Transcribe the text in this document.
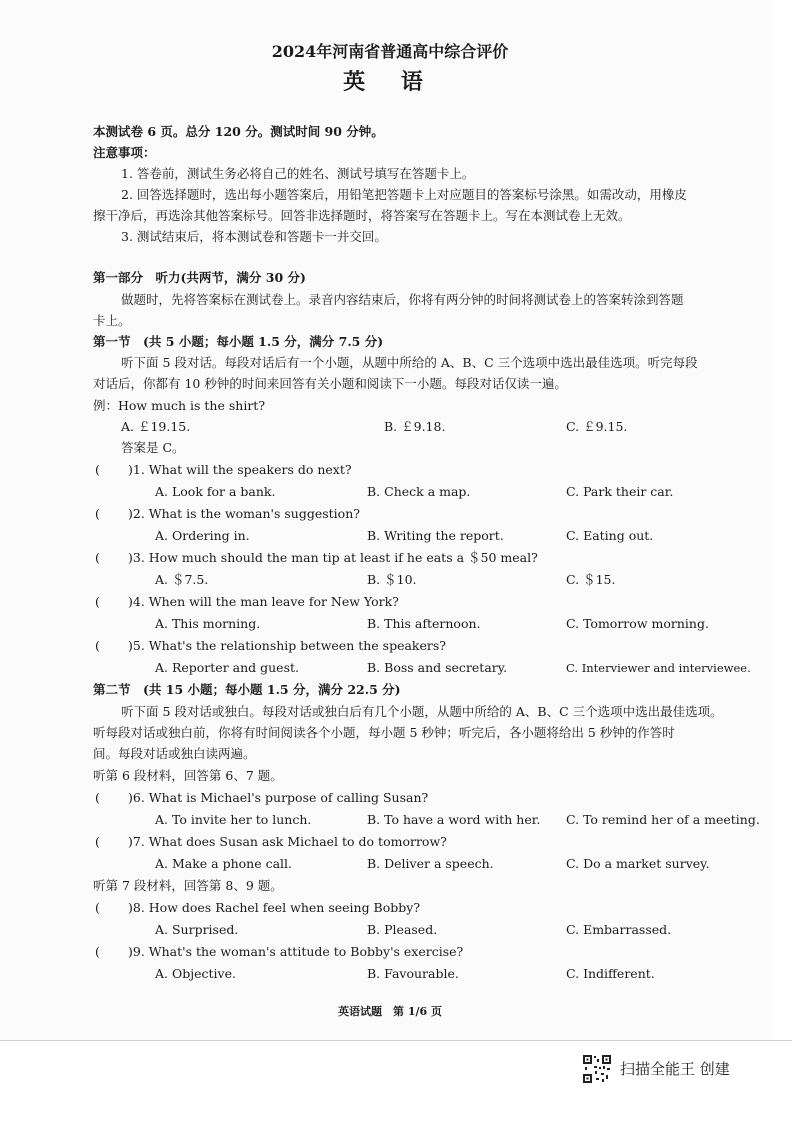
2024年河南省普通高中综合评价
英 语
本测试卷 6 页。总分 120 分。测试时间 90 分钟。
注意事项：
1. 答卷前，测试生务必将自己的姓名、测试号填写在答题卡上。
2. 回答选择题时，选出每小题答案后，用铅笔把答题卡上对应题目的答案标号涂黑。如需改动，用橡皮
擦干净后，再选涂其他答案标号。回答非选择题时，将答案写在答题卡上。写在本测试卷上无效。
3. 测试结束后，将本测试卷和答题卡一并交回。
第一部分　听力(共两节，满分 30 分)
做题时，先将答案标在测试卷上。录音内容结束后，你将有两分钟的时间将测试卷上的答案转涂到答题
卡上。
第一节　(共 5 小题；每小题 1.5 分，满分 7.5 分)
听下面 5 段对话。每段对话后有一个小题，从题中所给的 A、B、C 三个选项中选出最佳选项。听完每段
对话后，你都有 10 秒钟的时间来回答有关小题和阅读下一小题。每段对话仅读一遍。
例：How much is the shirt?
A. ￡19.15.	B. ￡9.18.	C. ￡9.15.
答案是 C。
( )1. What will the speakers do next?
A. Look for a bank.	B. Check a map.	C. Park their car.
( )2. What is the woman's suggestion?
A. Ordering in.	B. Writing the report.	C. Eating out.
( )3. How much should the man tip at least if he eats a ＄50 meal?
A. ＄7.5.	B. ＄10.	C. ＄15.
( )4. When will the man leave for New York?
A. This morning.	B. This afternoon.	C. Tomorrow morning.
( )5. What's the relationship between the speakers?
A. Reporter and guest.	B. Boss and secretary.	C. Interviewer and interviewee.
第二节　(共 15 小题；每小题 1.5 分，满分 22.5 分)
听下面 5 段对话或独白。每段对话或独白后有几个小题，从题中所给的 A、B、C 三个选项中选出最佳选项。
听每段对话或独白前，你将有时间阅读各个小题，每小题 5 秒钟；听完后，各小题将给出 5 秒钟的作答时
间。每段对话或独白读两遍。
听第 6 段材料，回答第 6、7 题。
( )6. What is Michael's purpose of calling Susan?
A. To invite her to lunch.	B. To have a word with her. C. To remind her of a meeting.
( )7. What does Susan ask Michael to do tomorrow?
A. Make a phone call.	B. Deliver a speech.	C. Do a market survey.
听第 7 段材料，回答第 8、9 题。
( )8. How does Rachel feel when seeing Bobby?
A. Surprised.	B. Pleased.	C. Embarrassed.
( )9. What's the woman's attitude to Bobby's exercise?
A. Objective.	B. Favourable.	C. Indifferent.
英语试题　第 1/6 页
扫描全能王 创建
